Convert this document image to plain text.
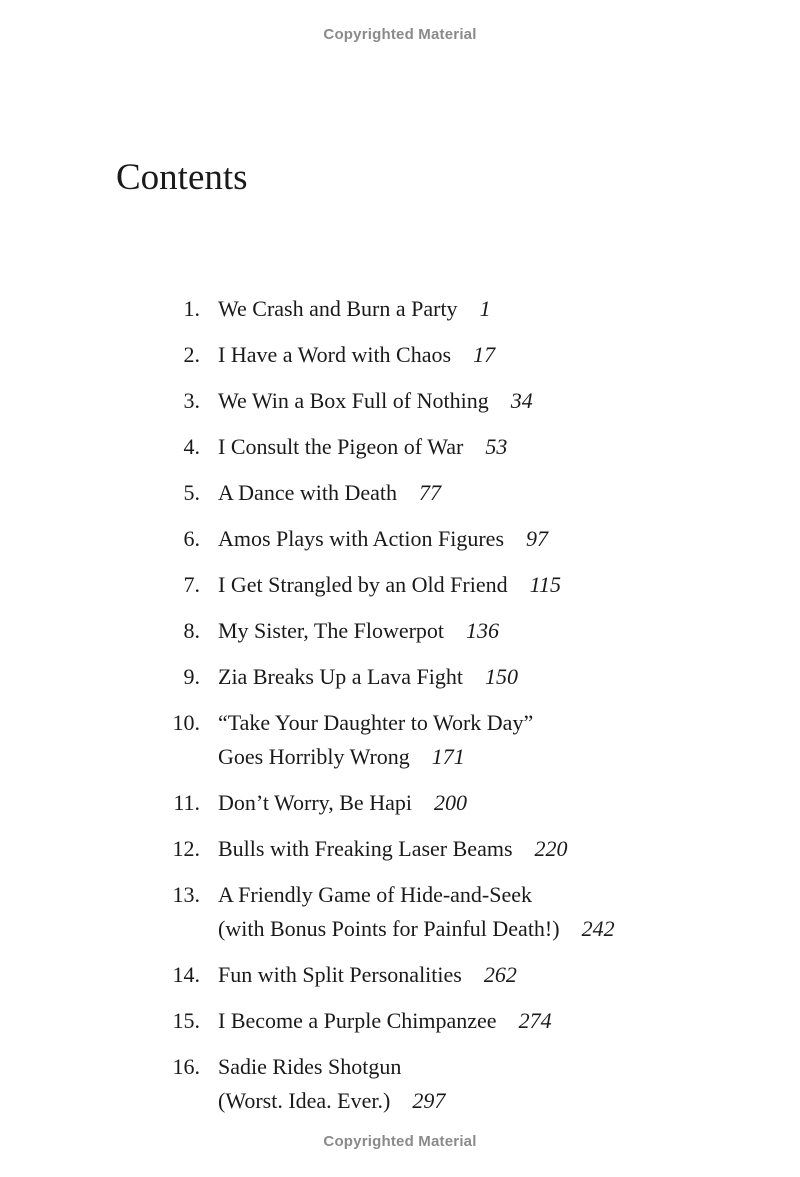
Copyrighted Material
Contents
1. We Crash and Burn a Party 1
2. I Have a Word with Chaos 17
3. We Win a Box Full of Nothing 34
4. I Consult the Pigeon of War 53
5. A Dance with Death 77
6. Amos Plays with Action Figures 97
7. I Get Strangled by an Old Friend 115
8. My Sister, The Flowerpot 136
9. Zia Breaks Up a Lava Fight 150
10. “Take Your Daughter to Work Day”
Goes Horribly Wrong 171
11. Don’t Worry, Be Hapi 200
12. Bulls with Freaking Laser Beams 220
13. A Friendly Game of Hide-and-Seek
(with Bonus Points for Painful Death!) 242
14. Fun with Split Personalities 262
15. I Become a Purple Chimpanzee 274
16. Sadie Rides Shotgun
(Worst. Idea. Ever.) 297
Copyrighted Material
